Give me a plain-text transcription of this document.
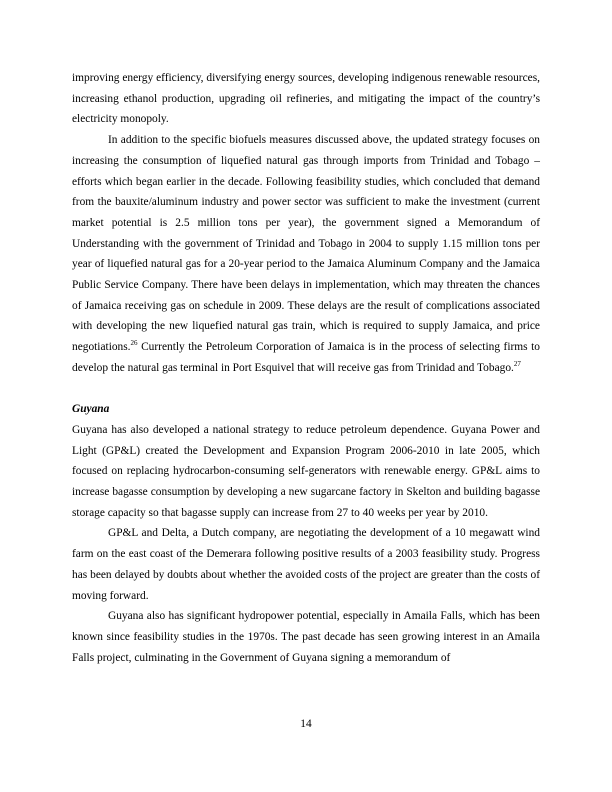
improving energy efficiency, diversifying energy sources, developing indigenous renewable resources, increasing ethanol production, upgrading oil refineries, and mitigating the impact of the country’s electricity monopoly.

In addition to the specific biofuels measures discussed above, the updated strategy focuses on increasing the consumption of liquefied natural gas through imports from Trinidad and Tobago – efforts which began earlier in the decade. Following feasibility studies, which concluded that demand from the bauxite/aluminum industry and power sector was sufficient to make the investment (current market potential is 2.5 million tons per year), the government signed a Memorandum of Understanding with the government of Trinidad and Tobago in 2004 to supply 1.15 million tons per year of liquefied natural gas for a 20-year period to the Jamaica Aluminum Company and the Jamaica Public Service Company. There have been delays in implementation, which may threaten the chances of Jamaica receiving gas on schedule in 2009. These delays are the result of complications associated with developing the new liquefied natural gas train, which is required to supply Jamaica, and price negotiations.$^{26}$ Currently the Petroleum Corporation of Jamaica is in the process of selecting firms to develop the natural gas terminal in Port Esquivel that will receive gas from Trinidad and Tobago.$^{27}$

Guyana

Guyana has also developed a national strategy to reduce petroleum dependence. Guyana Power and Light (GP&L) created the Development and Expansion Program 2006-2010 in late 2005, which focused on replacing hydrocarbon-consuming self-generators with renewable energy. GP&L aims to increase bagasse consumption by developing a new sugarcane factory in Skelton and building bagasse storage capacity so that bagasse supply can increase from 27 to 40 weeks per year by 2010.

GP&L and Delta, a Dutch company, are negotiating the development of a 10 megawatt wind farm on the east coast of the Demerara following positive results of a 2003 feasibility study. Progress has been delayed by doubts about whether the avoided costs of the project are greater than the costs of moving forward.

Guyana also has significant hydropower potential, especially in Amaila Falls, which has been known since feasibility studies in the 1970s. The past decade has seen growing interest in an Amaila Falls project, culminating in the Government of Guyana signing a memorandum of

14
